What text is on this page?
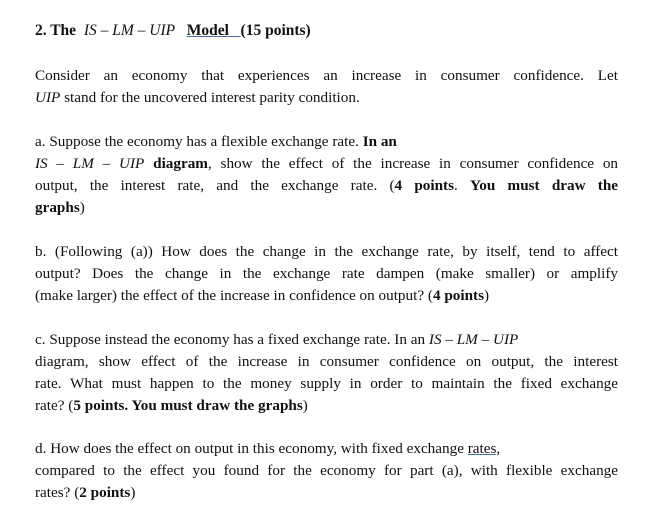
2. The IS – LM – UIP Model (15 points)
Consider an economy that experiences an increase in consumer confidence. Let
UIP stand for the uncovered interest parity condition.
a. Suppose the economy has a flexible exchange rate. In an
IS – LM – UIP diagram, show the effect of the increase in consumer confidence on
output, the interest rate, and the exchange rate. (4 points. You must draw the
graphs)
b. (Following (a)) How does the change in the exchange rate, by itself, tend to affect
output? Does the change in the exchange rate dampen (make smaller) or amplify
(make larger) the effect of the increase in confidence on output? (4 points)
c. Suppose instead the economy has a fixed exchange rate. In an IS – LM – UIP
diagram, show effect of the increase in consumer confidence on output, the interest
rate. What must happen to the money supply in order to maintain the fixed exchange
rate? (5 points. You must draw the graphs)
d. How does the effect on output in this economy, with fixed exchange rates,
compared to the effect you found for the economy for part (a), with flexible exchange
rates? (2 points)
